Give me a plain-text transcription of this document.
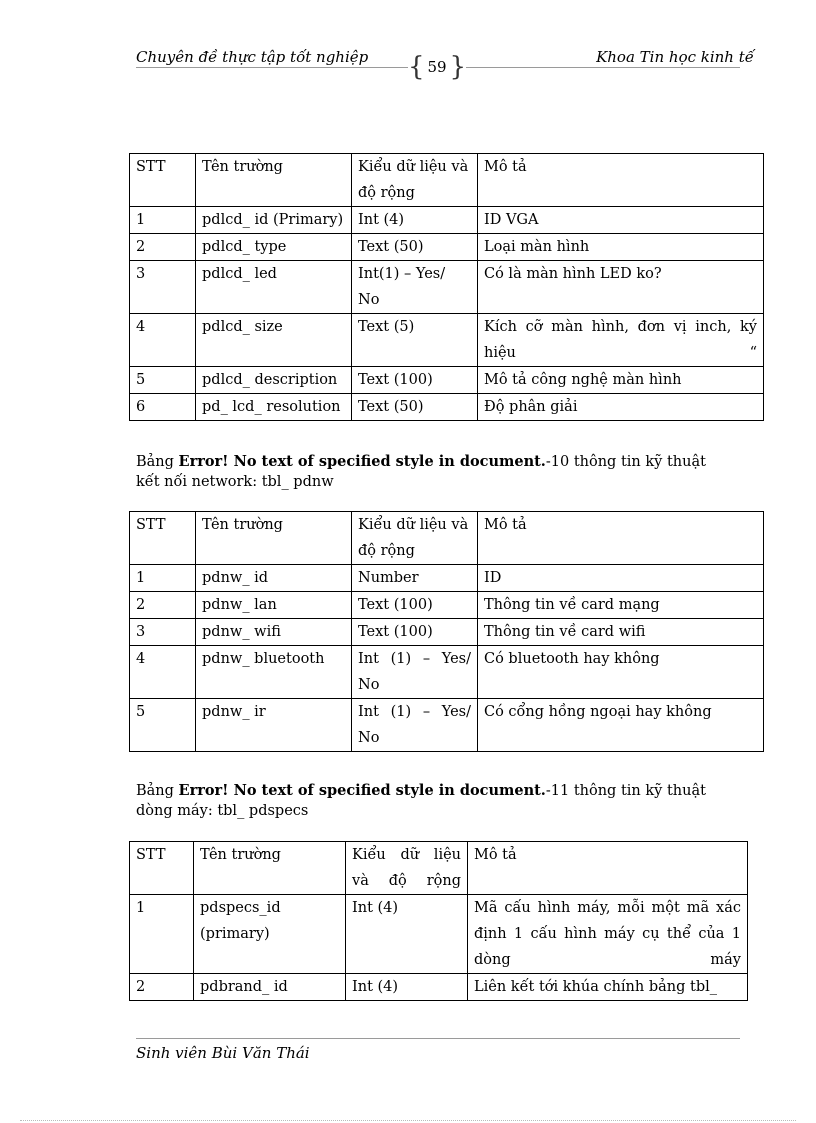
Chuyên đề thực tập tốt nghiệp { 59 }	Khoa Tin học kinh tế
STT	Tên trường	Kiểu dữ liệu và độ rộng	Mô tả
1	pdlcd_ id (Primary)	Int (4)	ID VGA
2	pdlcd_ type	Text (50)	Loại màn hình
3	pdlcd_ led	Int(1) – Yes/ No	Có là màn hình LED ko?
4	pdlcd_ size	Text (5)	Kích cỡ màn hình, đơn vị inch, ký hiệu “
5	pdlcd_ description	Text (100)	Mô tả công nghệ màn hình
6	pd_ lcd_ resolution	Text (50)	Độ phân giải
Bảng Error! No text of specified style in document.-10 thông tin kỹ thuật kết nối network: tbl_ pdnw
STT	Tên trường	Kiểu dữ liệu và độ rộng	Mô tả
1	pdnw_ id	Number	ID
2	pdnw_ lan	Text (100)	Thông tin về card mạng
3	pdnw_ wifi	Text (100)	Thông tin về card wifi
4	pdnw_ bluetooth	Int (1) – Yes/ No	Có bluetooth hay không
5	pdnw_ ir	Int (1) – Yes/ No	Có cổng hồng ngoại hay không
Bảng Error! No text of specified style in document.-11 thông tin kỹ thuật dòng máy: tbl_ pdspecs
STT	Tên trường	Kiểu dữ liệu và độ rộng	Mô tả
1	pdspecs_id (primary)	Int (4)	Mã cấu hình máy, mỗi một mã xác định 1 cấu hình máy cụ thể của 1 dòng máy
2	pdbrand_ id	Int (4)	Liên kết tới khúa chính bảng tbl_
Sinh viên Bùi Văn Thái
